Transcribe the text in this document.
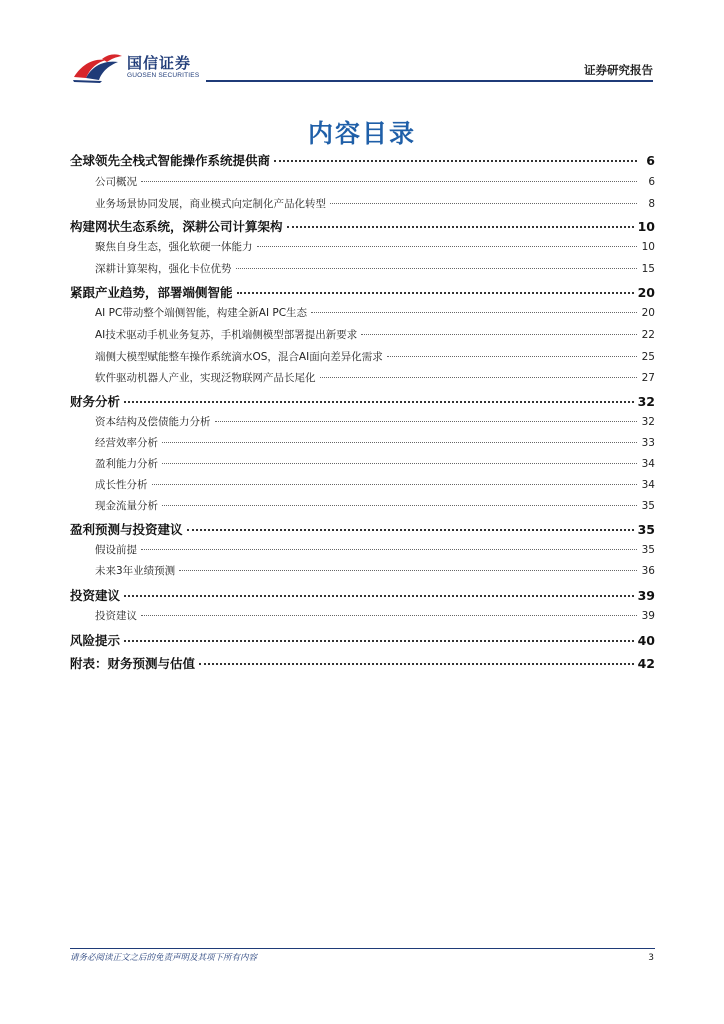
国信证券
GUOSEN SECURITIES	证券研究报告
内容目录
全球领先全栈式智能操作系统提供商	6
公司概况	6
业务场景协同发展，商业模式向定制化产品化转型	8
构建网状生态系统，深耕公司计算架构	10
聚焦自身生态，强化软硬一体能力	10
深耕计算架构，强化卡位优势	15
紧跟产业趋势，部署端侧智能	20
AI PC带动整个端侧智能，构建全新AI PC生态	20
AI技术驱动手机业务复苏，手机端侧模型部署提出新要求	22
端侧大模型赋能整车操作系统滴水OS，混合AI面向差异化需求	25
软件驱动机器人产业，实现泛物联网产品长尾化	27
财务分析	32
资本结构及偿债能力分析	32
经营效率分析	33
盈利能力分析	34
成长性分析	34
现金流量分析	35
盈利预测与投资建议	35
假设前提	35
未来3年业绩预测	36
投资建议	39
投资建议	39
风险提示	40
附表：财务预测与估值	42
请务必阅读正文之后的免责声明及其项下所有内容	3
